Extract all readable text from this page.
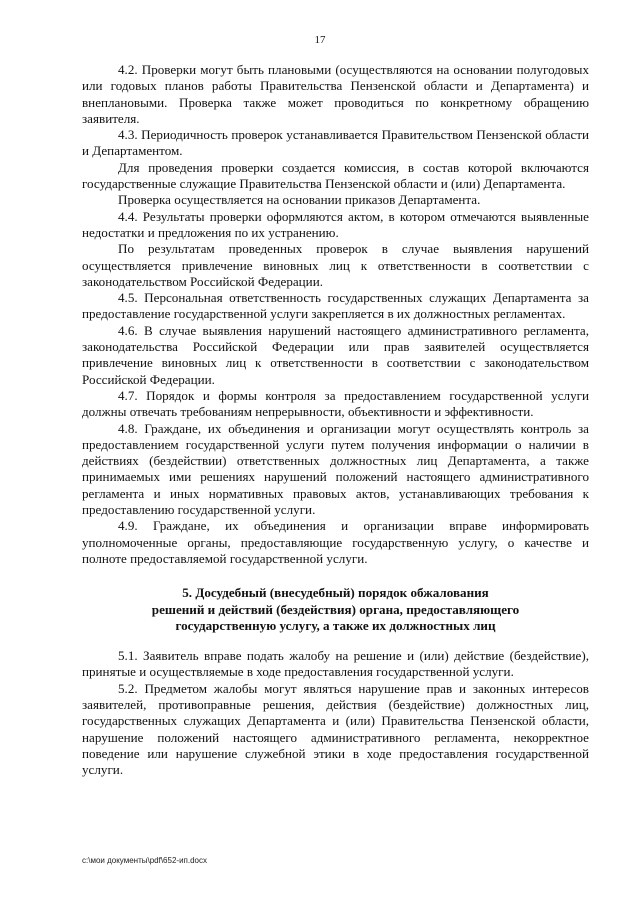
17

4.2. Проверки могут быть плановыми (осуществляются на основании полугодовых или годовых планов работы Правительства Пензенской области и Департамента) и внеплановыми. Проверка также может проводиться по конкретному обращению заявителя.

4.3. Периодичность проверок устанавливается Правительством Пензенской области и Департаментом.

Для проведения проверки создается комиссия, в состав которой включаются государственные служащие Правительства Пензенской области и (или) Департамента.

Проверка осуществляется на основании приказов Департамента.

4.4. Результаты проверки оформляются актом, в котором отмечаются выявленные недостатки и предложения по их устранению.

По результатам проведенных проверок в случае выявления нарушений осуществляется привлечение виновных лиц к ответственности в соответствии с законодательством Российской Федерации.

4.5. Персональная ответственность государственных служащих Департамента за предоставление государственной услуги закрепляется в их должностных регламентах.

4.6. В случае выявления нарушений настоящего административного регламента, законодательства Российской Федерации или прав заявителей осуществляется привлечение виновных лиц к ответственности в соответствии с законодательством Российской Федерации.

4.7. Порядок и формы контроля за предоставлением государственной услуги должны отвечать требованиям непрерывности, объективности и эффективности.

4.8. Граждане, их объединения и организации могут осуществлять контроль за предоставлением государственной услуги путем получения информации о наличии в действиях (бездействии) ответственных должностных лиц Департамента, а также принимаемых ими решениях нарушений положений настоящего административного регламента и иных нормативных правовых актов, устанавливающих требования к предоставлению государственной услуги.

4.9. Граждане, их объединения и организации вправе информировать уполномоченные органы, предоставляющие государственную услугу, о качестве и полноте предоставляемой государственной услуги.

5. Досудебный (внесудебный) порядок обжалования
решений и действий (бездействия) органа, предоставляющего
государственную услугу, а также их должностных лиц

5.1. Заявитель вправе подать жалобу на решение и (или) действие (бездействие), принятые и осуществляемые в ходе предоставления государственной услуги.

5.2. Предметом жалобы могут являться нарушение прав и законных интересов заявителей, противоправные решения, действия (бездействие) должностных лиц, государственных служащих Департамента и (или) Правительства Пензенской области, нарушение положений настоящего административного регламента, некорректное поведение или нарушение служебной этики в ходе предоставления государственной услуги.

c:\мои документы\pdf\652-ип.docx
